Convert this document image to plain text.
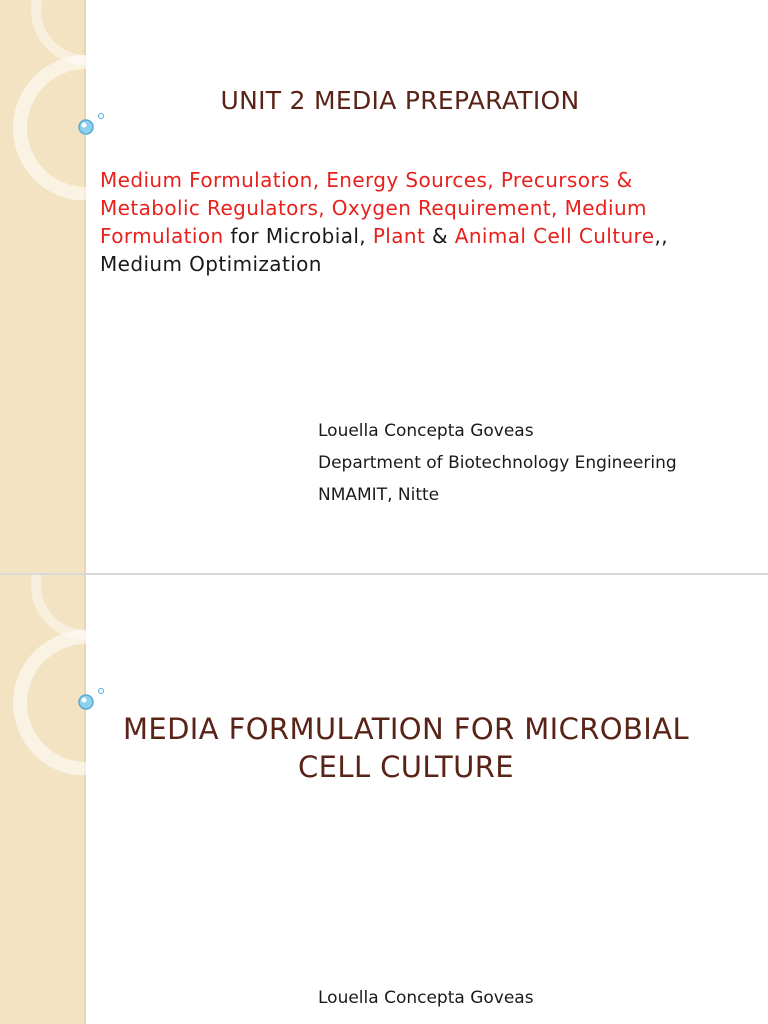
UNIT 2 MEDIA PREPARATION
Medium Formulation, Energy Sources, Precursors & Metabolic Regulators, Oxygen Requirement, Medium Formulation for Microbial, Plant & Animal Cell Culture,, Medium Optimization
Louella Concepta Goveas
Department of Biotechnology Engineering
NMAMIT, Nitte
MEDIA FORMULATION FOR MICROBIAL
CELL CULTURE
Louella Concepta Goveas
